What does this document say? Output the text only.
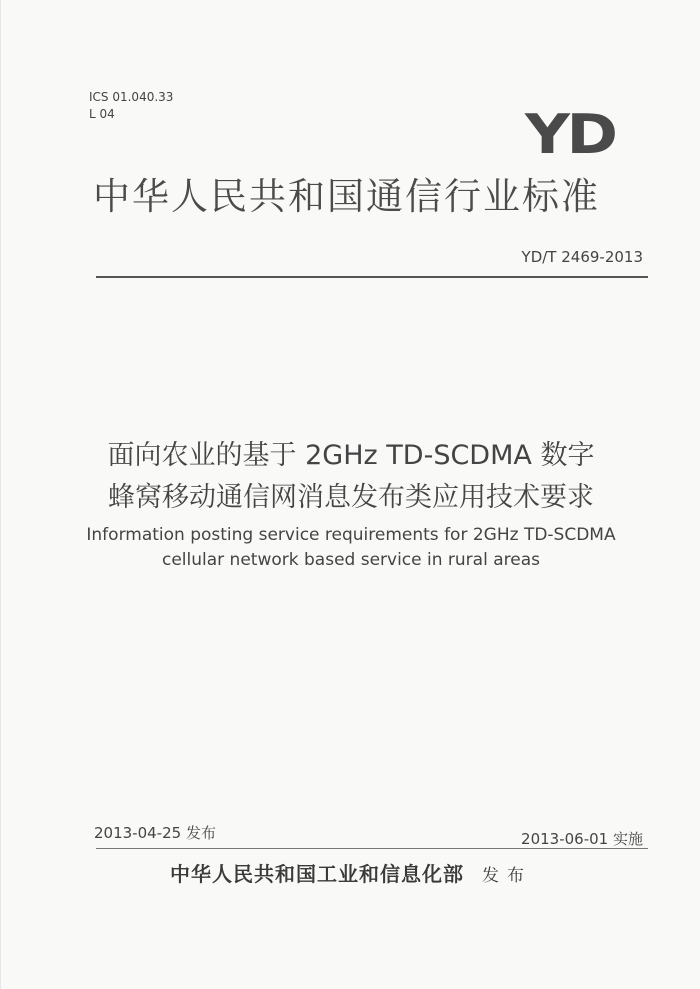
ICS 01.040.33
L 04	YD
中华人民共和国通信行业标准
YD/T 2469-2013
面向农业的基于 2GHz TD-SCDMA 数字
蜂窝移动通信网消息发布类应用技术要求
Information posting service requirements for 2GHz TD-SCDMA
cellular network based service in rural areas
2013-04-25 发布	2013-06-01 实施
中华人民共和国工业和信息化部 发布
